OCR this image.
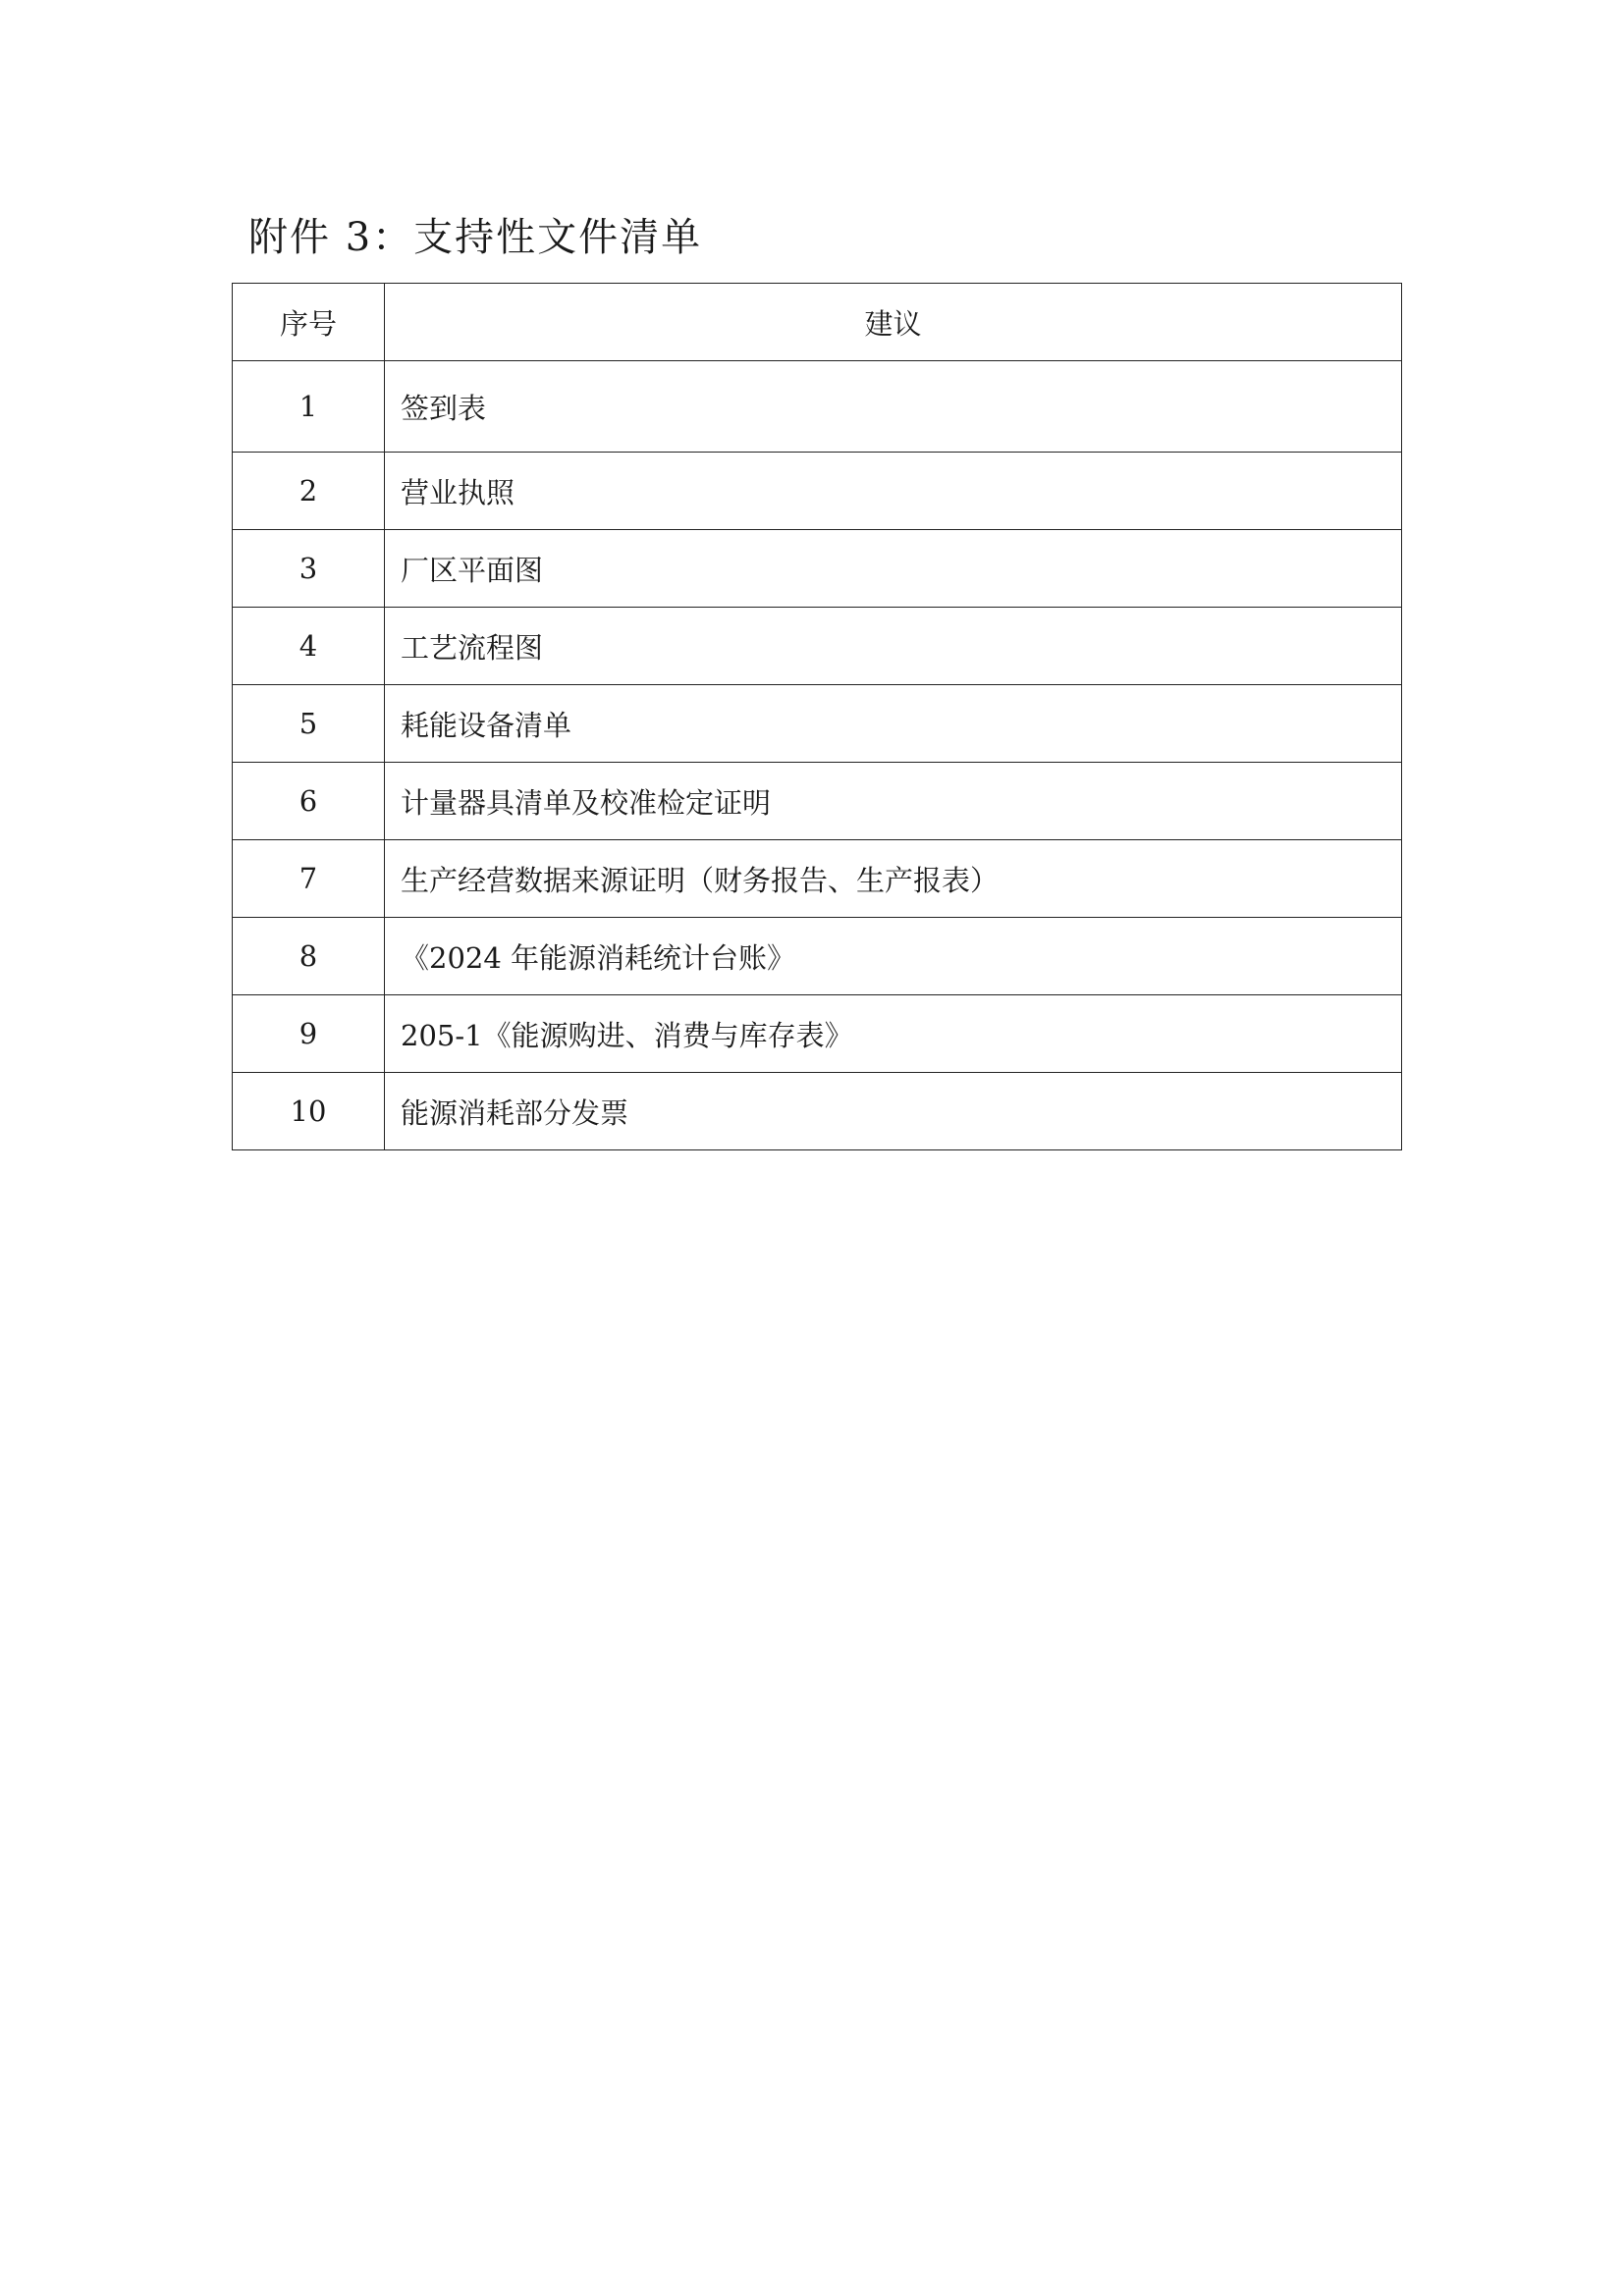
附件 3：支持性文件清单
序号	建议
1	签到表
2	营业执照
3	厂区平面图
4	工艺流程图
5	耗能设备清单
6	计量器具清单及校准检定证明
7	生产经营数据来源证明（财务报告、生产报表）
8	《2024 年能源消耗统计台账》
9	205-1《能源购进、消费与库存表》
10	能源消耗部分发票
